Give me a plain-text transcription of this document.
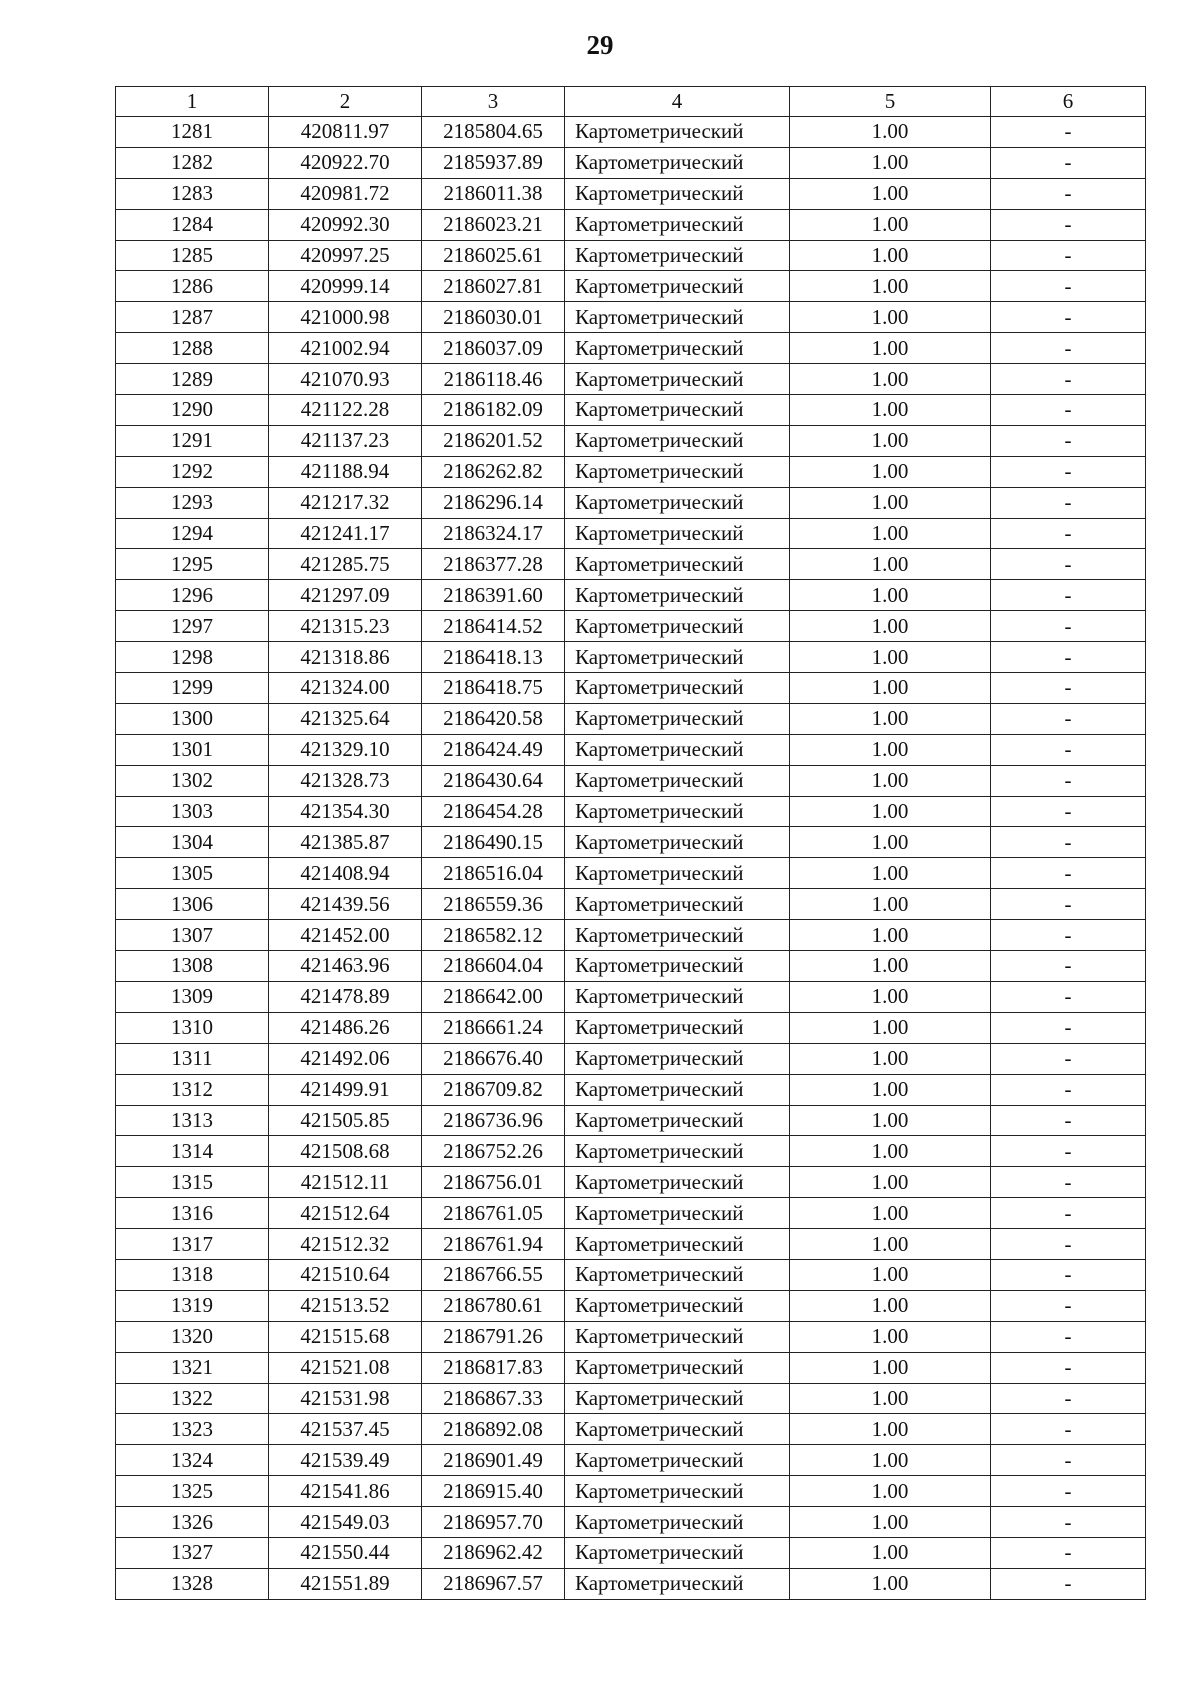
29
1	2	3	4	5	6
1281	420811.97	2185804.65	Картометрический	1.00	-
1282	420922.70	2185937.89	Картометрический	1.00	-
1283	420981.72	2186011.38	Картометрический	1.00	-
1284	420992.30	2186023.21	Картометрический	1.00	-
1285	420997.25	2186025.61	Картометрический	1.00	-
1286	420999.14	2186027.81	Картометрический	1.00	-
1287	421000.98	2186030.01	Картометрический	1.00	-
1288	421002.94	2186037.09	Картометрический	1.00	-
1289	421070.93	2186118.46	Картометрический	1.00	-
1290	421122.28	2186182.09	Картометрический	1.00	-
1291	421137.23	2186201.52	Картометрический	1.00	-
1292	421188.94	2186262.82	Картометрический	1.00	-
1293	421217.32	2186296.14	Картометрический	1.00	-
1294	421241.17	2186324.17	Картометрический	1.00	-
1295	421285.75	2186377.28	Картометрический	1.00	-
1296	421297.09	2186391.60	Картометрический	1.00	-
1297	421315.23	2186414.52	Картометрический	1.00	-
1298	421318.86	2186418.13	Картометрический	1.00	-
1299	421324.00	2186418.75	Картометрический	1.00	-
1300	421325.64	2186420.58	Картометрический	1.00	-
1301	421329.10	2186424.49	Картометрический	1.00	-
1302	421328.73	2186430.64	Картометрический	1.00	-
1303	421354.30	2186454.28	Картометрический	1.00	-
1304	421385.87	2186490.15	Картометрический	1.00	-
1305	421408.94	2186516.04	Картометрический	1.00	-
1306	421439.56	2186559.36	Картометрический	1.00	-
1307	421452.00	2186582.12	Картометрический	1.00	-
1308	421463.96	2186604.04	Картометрический	1.00	-
1309	421478.89	2186642.00	Картометрический	1.00	-
1310	421486.26	2186661.24	Картометрический	1.00	-
1311	421492.06	2186676.40	Картометрический	1.00	-
1312	421499.91	2186709.82	Картометрический	1.00	-
1313	421505.85	2186736.96	Картометрический	1.00	-
1314	421508.68	2186752.26	Картометрический	1.00	-
1315	421512.11	2186756.01	Картометрический	1.00	-
1316	421512.64	2186761.05	Картометрический	1.00	-
1317	421512.32	2186761.94	Картометрический	1.00	-
1318	421510.64	2186766.55	Картометрический	1.00	-
1319	421513.52	2186780.61	Картометрический	1.00	-
1320	421515.68	2186791.26	Картометрический	1.00	-
1321	421521.08	2186817.83	Картометрический	1.00	-
1322	421531.98	2186867.33	Картометрический	1.00	-
1323	421537.45	2186892.08	Картометрический	1.00	-
1324	421539.49	2186901.49	Картометрический	1.00	-
1325	421541.86	2186915.40	Картометрический	1.00	-
1326	421549.03	2186957.70	Картометрический	1.00	-
1327	421550.44	2186962.42	Картометрический	1.00	-
1328	421551.89	2186967.57	Картометрический	1.00	-
